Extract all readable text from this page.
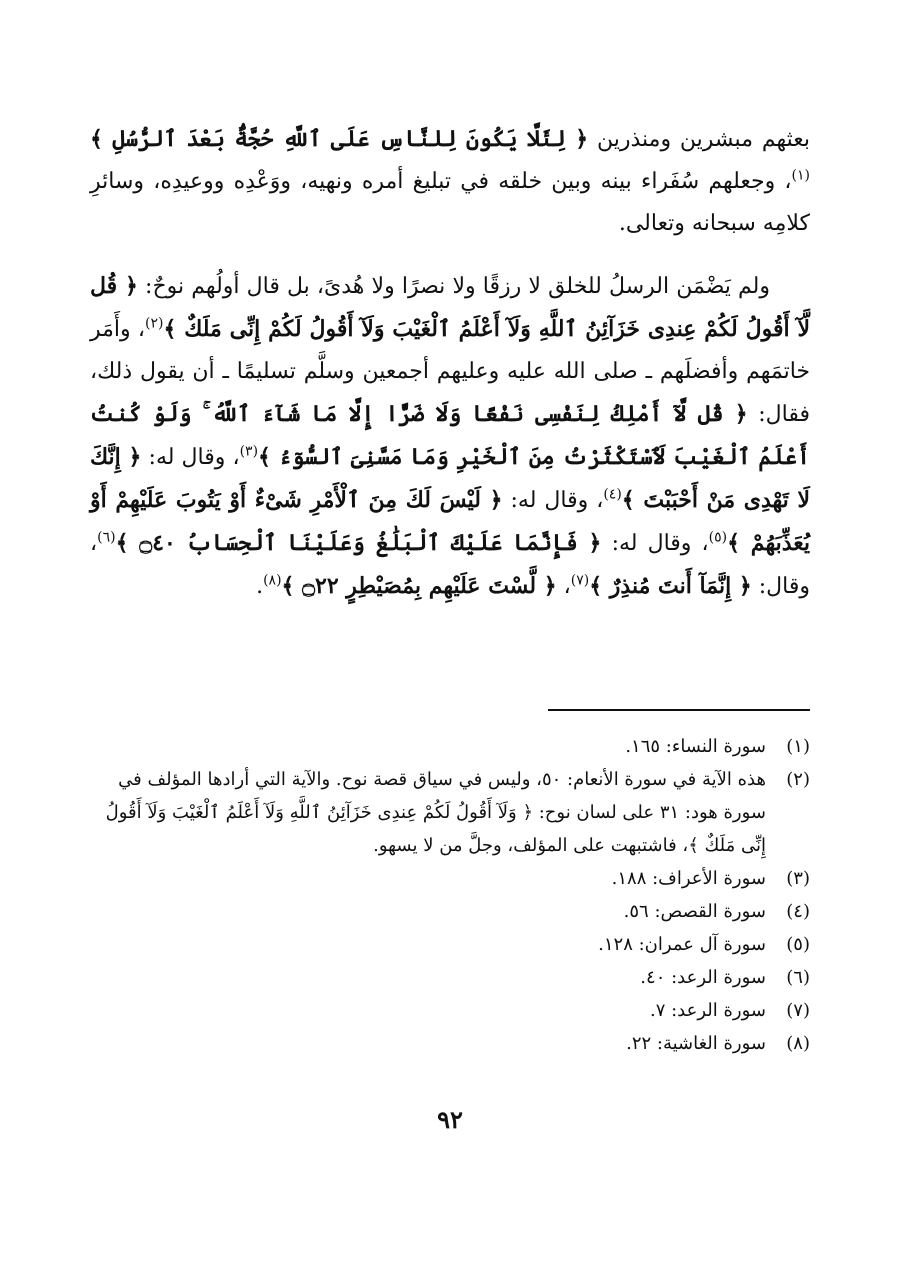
بعثهم مبشرين ومنذرين ﴿ لِئَلَّا يَكُونَ لِلنَّاسِ عَلَى ٱللَّهِ حُجَّةٌۢ بَعْدَ ٱلرُّسُلِ ﴾$^{(١)}$، وجعلهم سُفَراء بينه وبين خلقه في تبليغ أمره ونهيه، ووَعْدِه ووعيدِه، وسائرِ كلامِه سبحانه وتعالى.

ولم يَضْمَن الرسلُ للخلق لا رزقًا ولا نصرًا ولا هُدىً، بل قال أولُهم نوحٌ: ﴿ قُل لَّآ أَقُولُ لَكُمْ عِندِى خَزَآئِنُ ٱللَّهِ وَلَآ أَعْلَمُ ٱلْغَيْبَ وَلَآ أَقُولُ لَكُمْ إِنِّى مَلَكٌ ﴾$^{(٢)}$، وأَمَر خاتمَهم وأفضلَهم ـ صلى الله عليه وعليهم أجمعين وسلَّم تسليمًا ـ أن يقول ذلك، فقال: ﴿ قُل لَّآ أَمْلِكُ لِنَفْسِى نَفْعًا وَلَا ضَرًّا إِلَّا مَا شَآءَ ٱللَّهُ ۚ وَلَوْ كُنتُ أَعْلَمُ ٱلْغَيْبَ لَٱسْتَكْثَرْتُ مِنَ ٱلْخَيْرِ وَمَا مَسَّنِىَ ٱلسُّوٓءُ ﴾$^{(٣)}$، وقال له: ﴿ إِنَّكَ لَا تَهْدِى مَنْ أَحْبَبْتَ ﴾$^{(٤)}$، وقال له: ﴿ لَيْسَ لَكَ مِنَ ٱلْأَمْرِ شَىْءٌ أَوْ يَتُوبَ عَلَيْهِمْ أَوْ يُعَذِّبَهُمْ ﴾$^{(٥)}$، وقال له: ﴿ فَإِنَّمَا عَلَيْكَ ٱلْبَلَٰغُ وَعَلَيْنَا ٱلْحِسَابُ ۝٤٠ ﴾$^{(٦)}$، وقال: ﴿ إِنَّمَآ أَنتَ مُنذِرٌ ﴾$^{(٧)}$، ﴿ لَّسْتَ عَلَيْهِم بِمُصَيْطِرٍ ۝٢٢ ﴾$^{(٨)}$.

(١)
سورة النساء: ١٦٥.
(٢)
هذه الآية في سورة الأنعام: ٥٠، وليس في سياق قصة نوح. والآية التي أرادها المؤلف في سورة هود: ٣١ على لسان نوح: ﴿ وَلَآ أَقُولُ لَكُمْ عِندِى خَزَآئِنُ ٱللَّهِ وَلَآ أَعْلَمُ ٱلْغَيْبَ وَلَآ أَقُولُ إِنِّى مَلَكٌ ﴾، فاشتبهت على المؤلف، وجلَّ من لا يسهو.
(٣)
سورة الأعراف: ١٨٨.
(٤)
سورة القصص: ٥٦.
(٥)
سورة آل عمران: ١٢٨.
(٦)
سورة الرعد: ٤٠.
(٧)
سورة الرعد: ٧.
(٨)
سورة الغاشية: ٢٢.
٩٢
